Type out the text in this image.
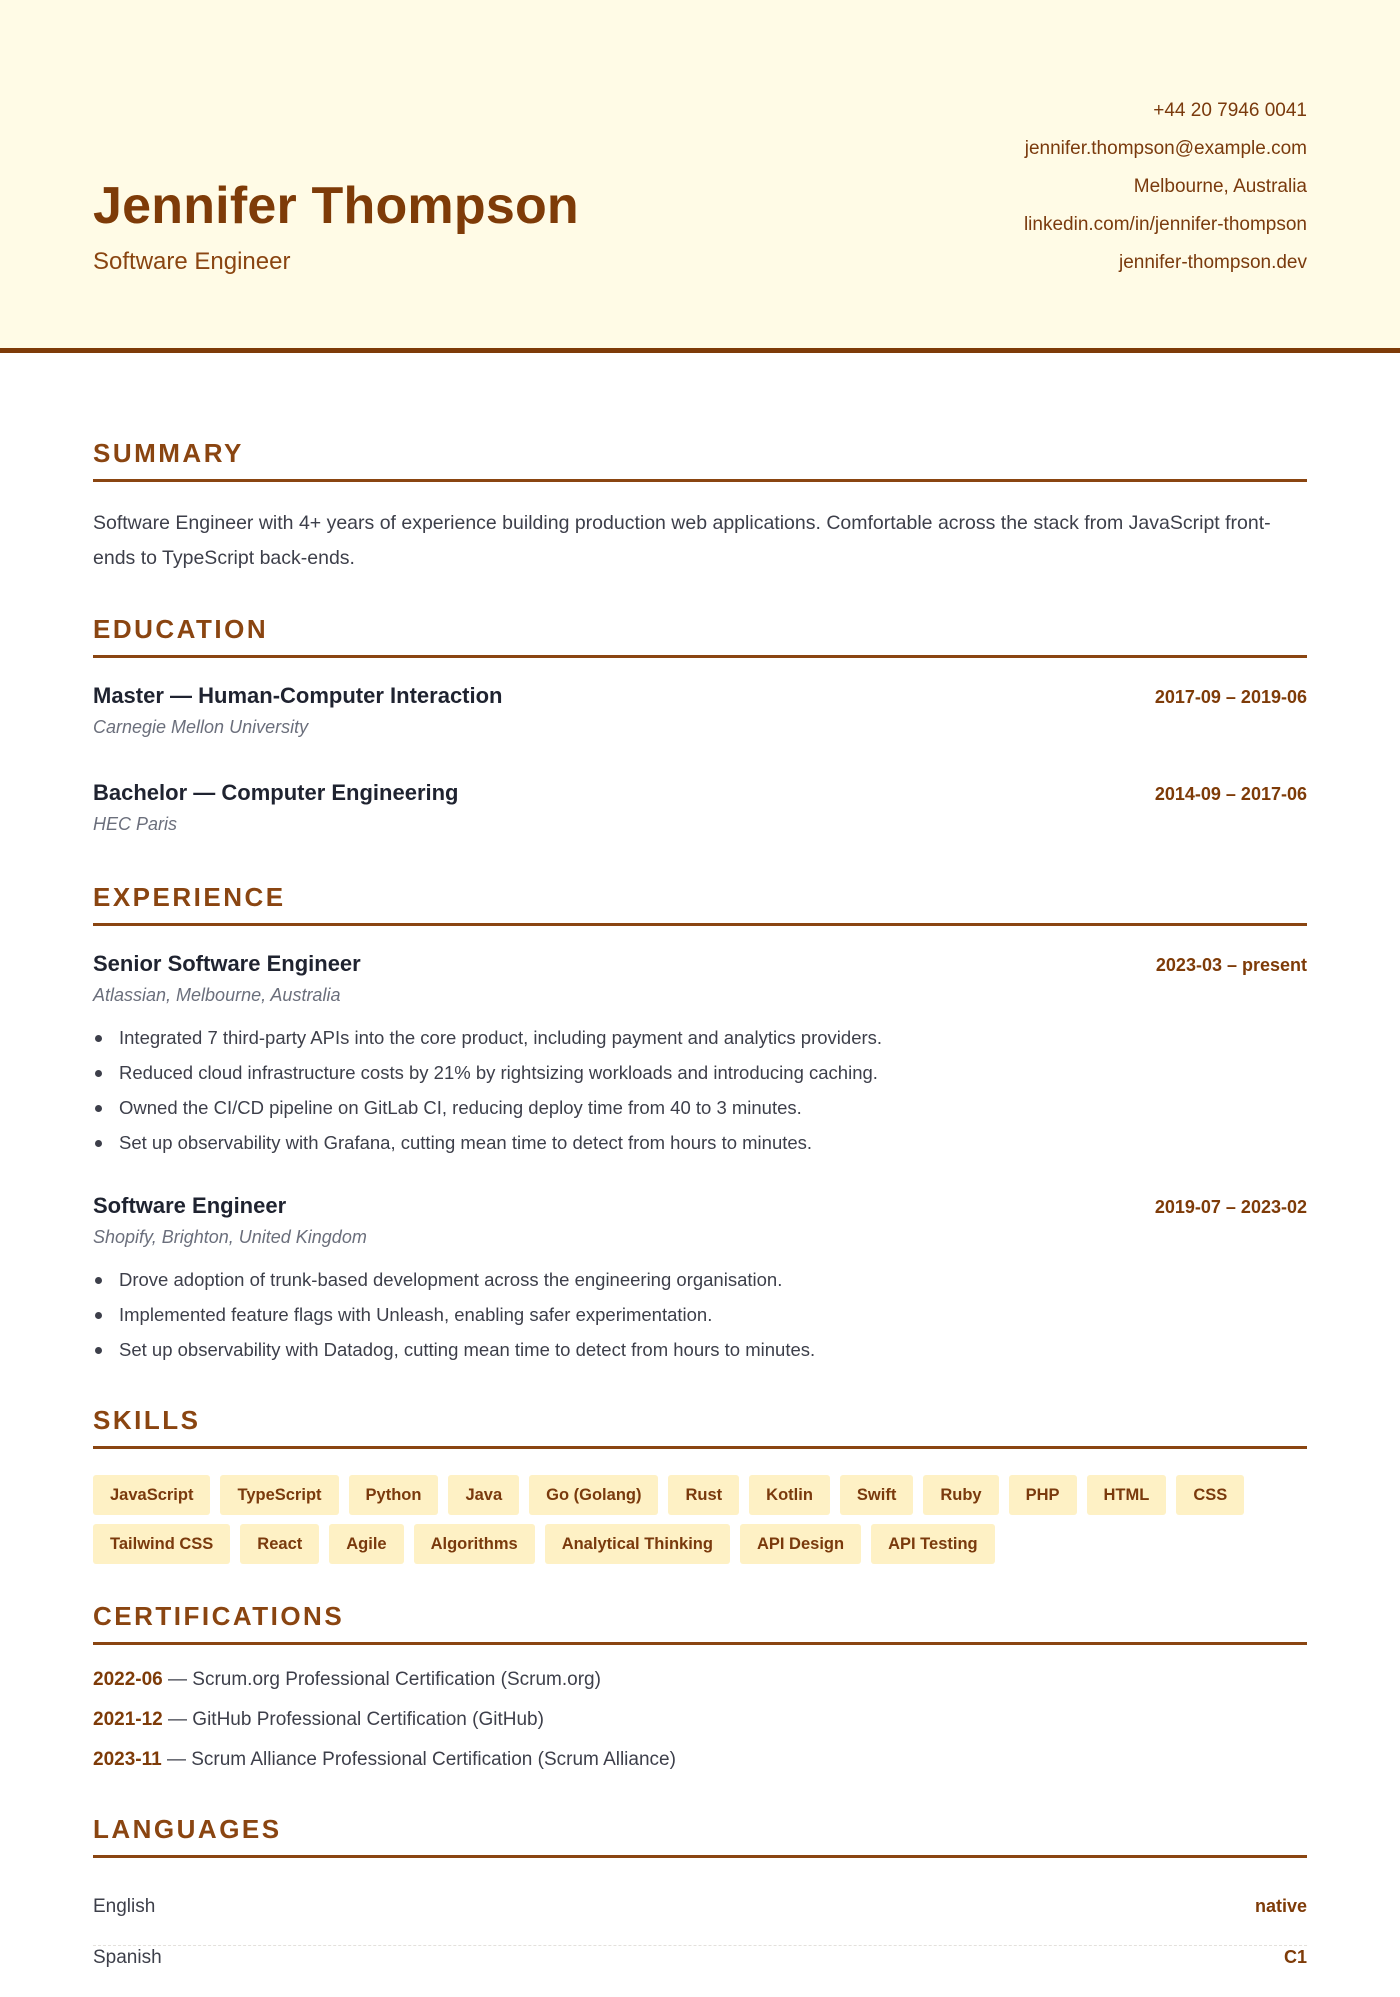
Jennifer Thompson
Software Engineer
+44 20 7946 0041
jennifer.thompson@example.com
Melbourne, Australia
linkedin.com/in/jennifer-thompson
jennifer-thompson.dev
SUMMARY
Software Engineer with 4+ years of experience building production web applications. Comfortable across the stack from JavaScript front-ends to TypeScript back-ends.
EDUCATION
Master — Human-Computer Interaction
Carnegie Mellon University
2017-09 – 2019-06
Bachelor — Computer Engineering
HEC Paris
2014-09 – 2017-06
EXPERIENCE
Senior Software Engineer
Atlassian, Melbourne, Australia
2023-03 – present
Integrated 7 third-party APIs into the core product, including payment and analytics providers.
Reduced cloud infrastructure costs by 21% by rightsizing workloads and introducing caching.
Owned the CI/CD pipeline on GitLab CI, reducing deploy time from 40 to 3 minutes.
Set up observability with Grafana, cutting mean time to detect from hours to minutes.
Software Engineer
Shopify, Brighton, United Kingdom
2019-07 – 2023-02
Drove adoption of trunk-based development across the engineering organisation.
Implemented feature flags with Unleash, enabling safer experimentation.
Set up observability with Datadog, cutting mean time to detect from hours to minutes.
SKILLS
JavaScript	TypeScript	Python	Java	Go (Golang)	Rust	Kotlin	Swift	Ruby	PHP	HTML	CSS
Tailwind CSS	React	Agile	Algorithms	Analytical Thinking	API Design	API Testing
CERTIFICATIONS
2022-06 — Scrum.org Professional Certification (Scrum.org)
2021-12 — GitHub Professional Certification (GitHub)
2023-11 — Scrum Alliance Professional Certification (Scrum Alliance)
LANGUAGES
English	native
Spanish	C1
